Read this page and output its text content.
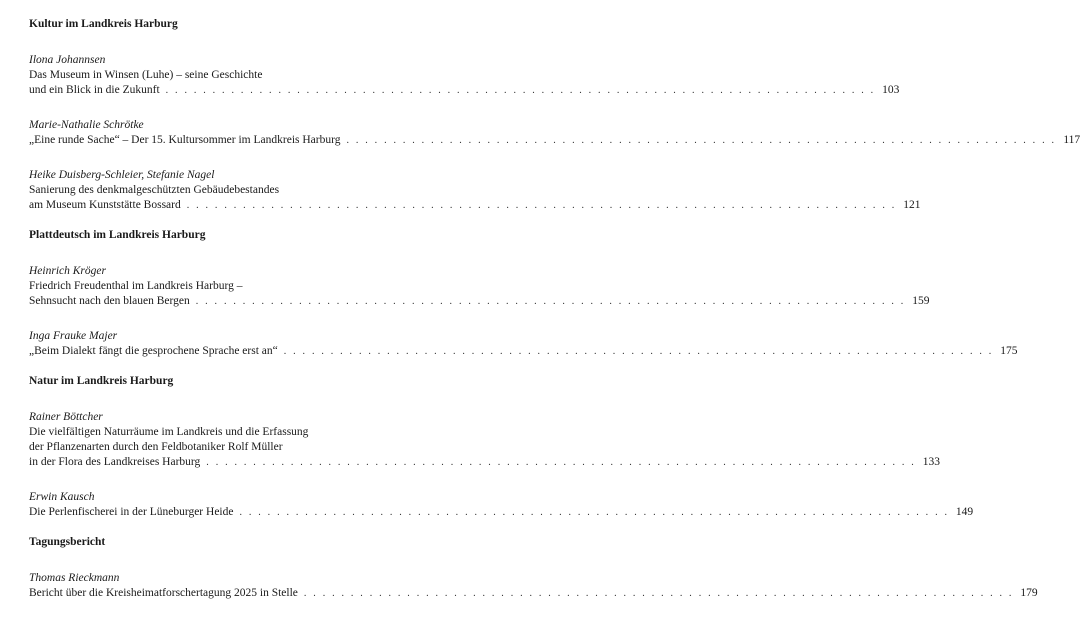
Kultur im Landkreis Harburg
Ilona Johannsen
Das Museum in Winsen (Luhe) – seine Geschichte
und ein Blick in die Zukunft . . . . . . . . . . . . . . . . . . . . . . . . . . . . . . . . . . . . . . . . . . . . . . . . . . . . . . . . . . . . . . . . . . . . . . . . . . . . 103
Marie-Nathalie Schrötke
„Eine runde Sache“ – Der 15. Kultursommer im Landkreis Harburg . . . . . . . . . . . . . . . . . . . . . . . . . . . . . . . . . . . . . . . . . . . . . . . . . . . . . . . . . . . . . . . . . . . . . . . . . . . . 117
Heike Duisberg-Schleier, Stefanie Nagel
Sanierung des denkmalgeschützten Gebäudebestandes
am Museum Kunststätte Bossard . . . . . . . . . . . . . . . . . . . . . . . . . . . . . . . . . . . . . . . . . . . . . . . . . . . . . . . . . . . . . . . . . . . . . . . . . . . . 121
Plattdeutsch im Landkreis Harburg
Heinrich Kröger
Friedrich Freudenthal im Landkreis Harburg –
Sehnsucht nach den blauen Bergen . . . . . . . . . . . . . . . . . . . . . . . . . . . . . . . . . . . . . . . . . . . . . . . . . . . . . . . . . . . . . . . . . . . . . . . . . . . . 159
Inga Frauke Majer
„Beim Dialekt fängt die gesprochene Sprache erst an“ . . . . . . . . . . . . . . . . . . . . . . . . . . . . . . . . . . . . . . . . . . . . . . . . . . . . . . . . . . . . . . . . . . . . . . . . . . . . 175
Natur im Landkreis Harburg
Rainer Böttcher
Die vielfältigen Naturräume im Landkreis und die Erfassung
der Pflanzenarten durch den Feldbotaniker Rolf Müller
in der Flora des Landkreises Harburg . . . . . . . . . . . . . . . . . . . . . . . . . . . . . . . . . . . . . . . . . . . . . . . . . . . . . . . . . . . . . . . . . . . . . . . . . . . . 133
Erwin Kausch
Die Perlenfischerei in der Lüneburger Heide . . . . . . . . . . . . . . . . . . . . . . . . . . . . . . . . . . . . . . . . . . . . . . . . . . . . . . . . . . . . . . . . . . . . . . . . . . . . 149
Tagungsbericht
Thomas Rieckmann
Bericht über die Kreisheimatforschertagung 2025 in Stelle . . . . . . . . . . . . . . . . . . . . . . . . . . . . . . . . . . . . . . . . . . . . . . . . . . . . . . . . . . . . . . . . . . . . . . . . . . . . 179
